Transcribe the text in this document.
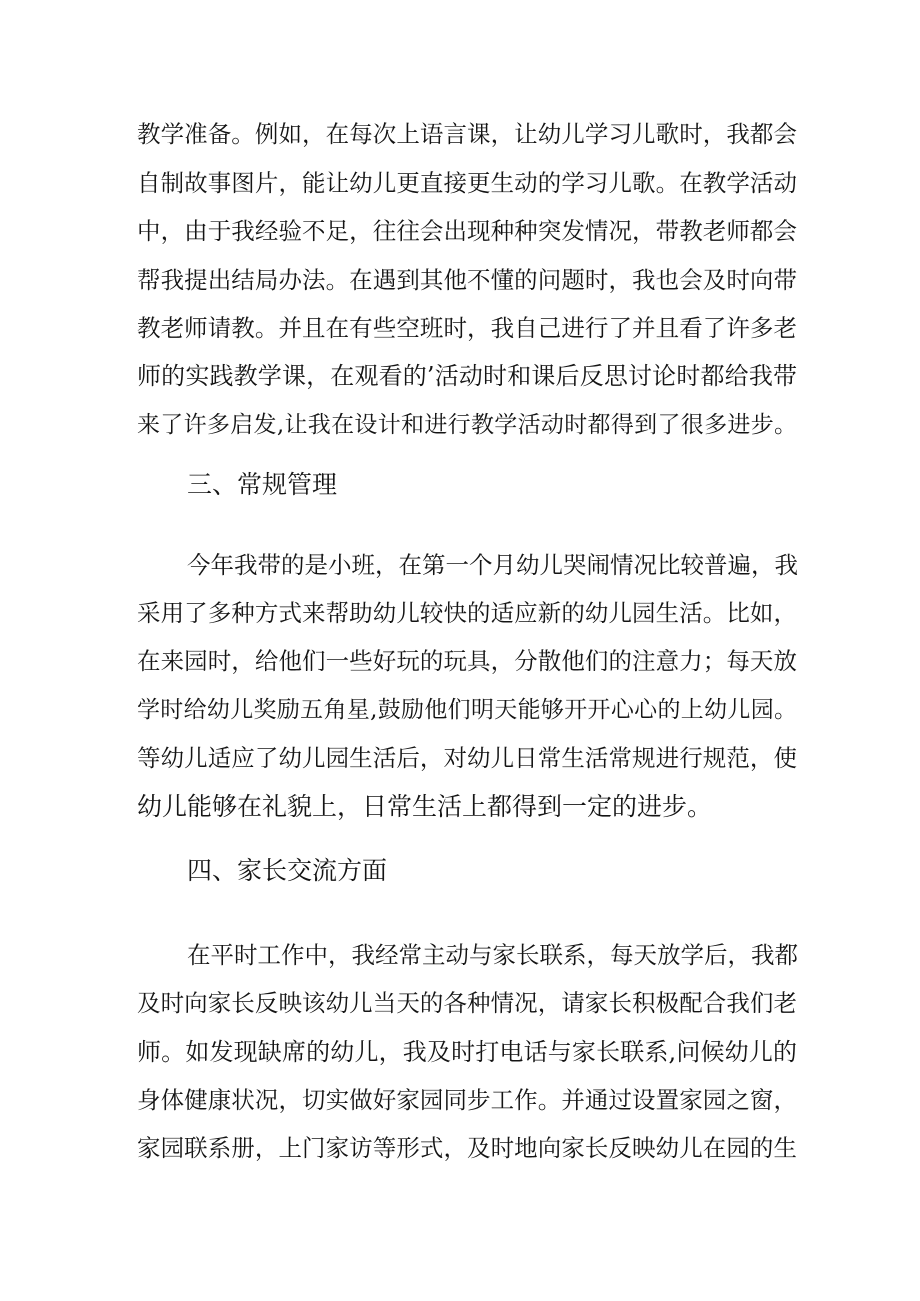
教学准备。例如，在每次上语言课，让幼儿学习儿歌时，我都会
自制故事图片，能让幼儿更直接更生动的学习儿歌。在教学活动
中，由于我经验不足，往往会出现种种突发情况，带教老师都会
帮我提出结局办法。在遇到其他不懂的问题时，我也会及时向带
教老师请教。并且在有些空班时，我自己进行了并且看了许多老
师的实践教学课，在观看的’活动时和课后反思讨论时都给我带
来了许多启发,让我在设计和进行教学活动时都得到了很多进步。
三、常规管理
今年我带的是小班，在第一个月幼儿哭闹情况比较普遍，我
采用了多种方式来帮助幼儿较快的适应新的幼儿园生活。比如，
在来园时，给他们一些好玩的玩具，分散他们的注意力；每天放
学时给幼儿奖励五角星,鼓励他们明天能够开开心心的上幼儿园。
等幼儿适应了幼儿园生活后，对幼儿日常生活常规进行规范，使
幼儿能够在礼貌上，日常生活上都得到一定的进步。
四、家长交流方面
在平时工作中，我经常主动与家长联系，每天放学后，我都
及时向家长反映该幼儿当天的各种情况，请家长积极配合我们老
师。如发现缺席的幼儿，我及时打电话与家长联系,问候幼儿的
身体健康状况，切实做好家园同步工作。并通过设置家园之窗，
家园联系册，上门家访等形式，及时地向家长反映幼儿在园的生
